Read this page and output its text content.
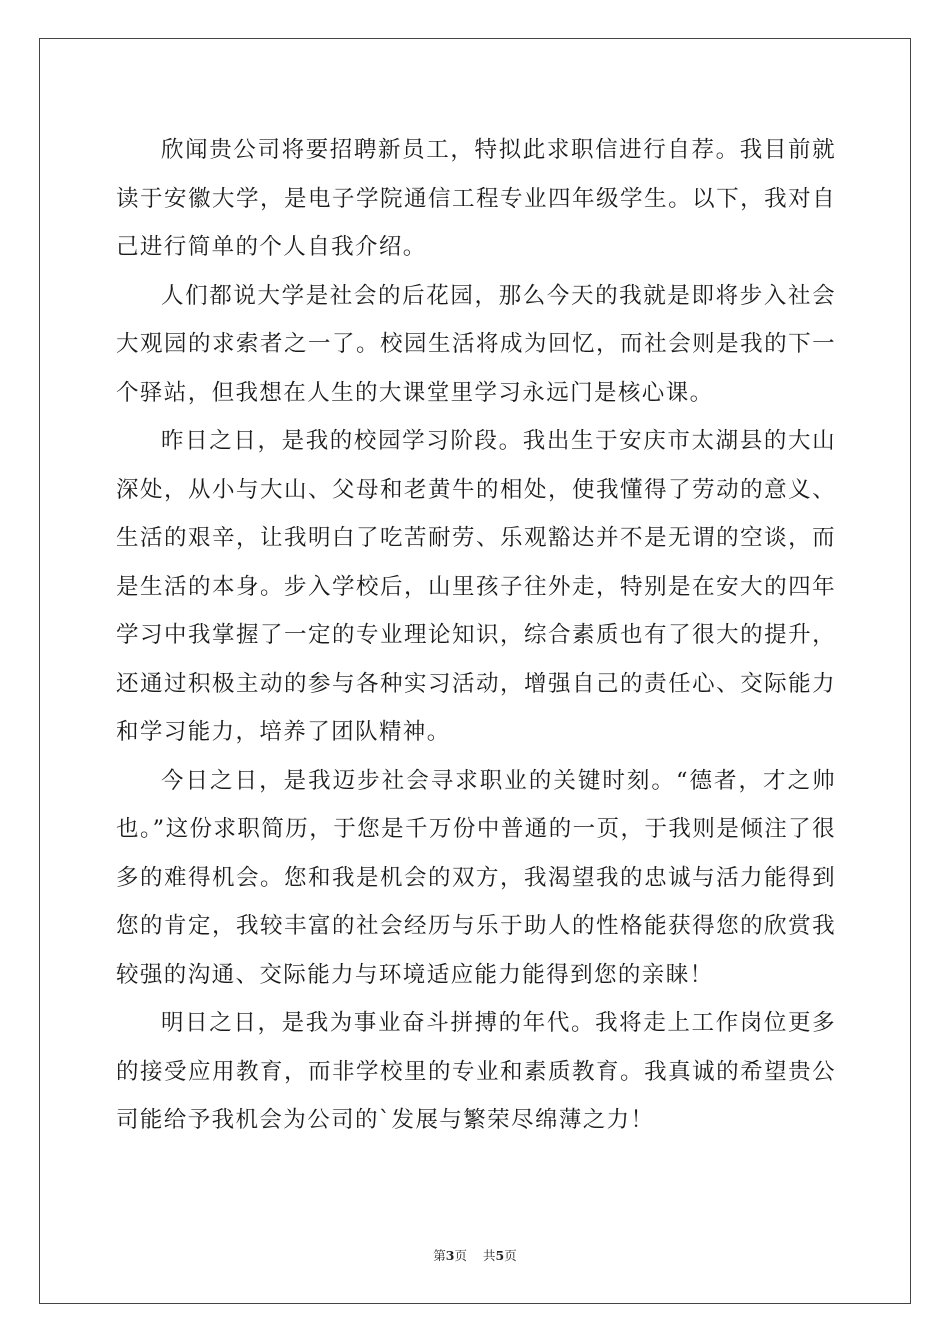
欣闻贵公司将要招聘新员工，特拟此求职信进行自荐。我目前就读于安徽大学，是电子学院通信工程专业四年级学生。以下，我对自己进行简单的个人自我介绍。

人们都说大学是社会的后花园，那么今天的我就是即将步入社会大观园的求索者之一了。校园生活将成为回忆，而社会则是我的下一个驿站，但我想在人生的大课堂里学习永远门是核心课。

昨日之日，是我的校园学习阶段。我出生于安庆市太湖县的大山深处，从小与大山、父母和老黄牛的相处，使我懂得了劳动的意义、生活的艰辛，让我明白了吃苦耐劳、乐观豁达并不是无谓的空谈，而是生活的本身。步入学校后，山里孩子往外走，特别是在安大的四年学习中我掌握了一定的专业理论知识，综合素质也有了很大的提升，还通过积极主动的参与各种实习活动，增强自己的责任心、交际能力和学习能力，培养了团队精神。

今日之日，是我迈步社会寻求职业的关键时刻。“德者，才之帅也。”这份求职简历，于您是千万份中普通的一页，于我则是倾注了很多的难得机会。您和我是机会的双方，我渴望我的忠诚与活力能得到您的肯定，我较丰富的社会经历与乐于助人的性格能获得您的欣赏我较强的沟通、交际能力与环境适应能力能得到您的亲睐！

明日之日，是我为事业奋斗拼搏的年代。我将走上工作岗位更多的接受应用教育，而非学校里的专业和素质教育。我真诚的希望贵公司能给予我机会为公司的`发展与繁荣尽绵薄之力！

第3页 共5页
